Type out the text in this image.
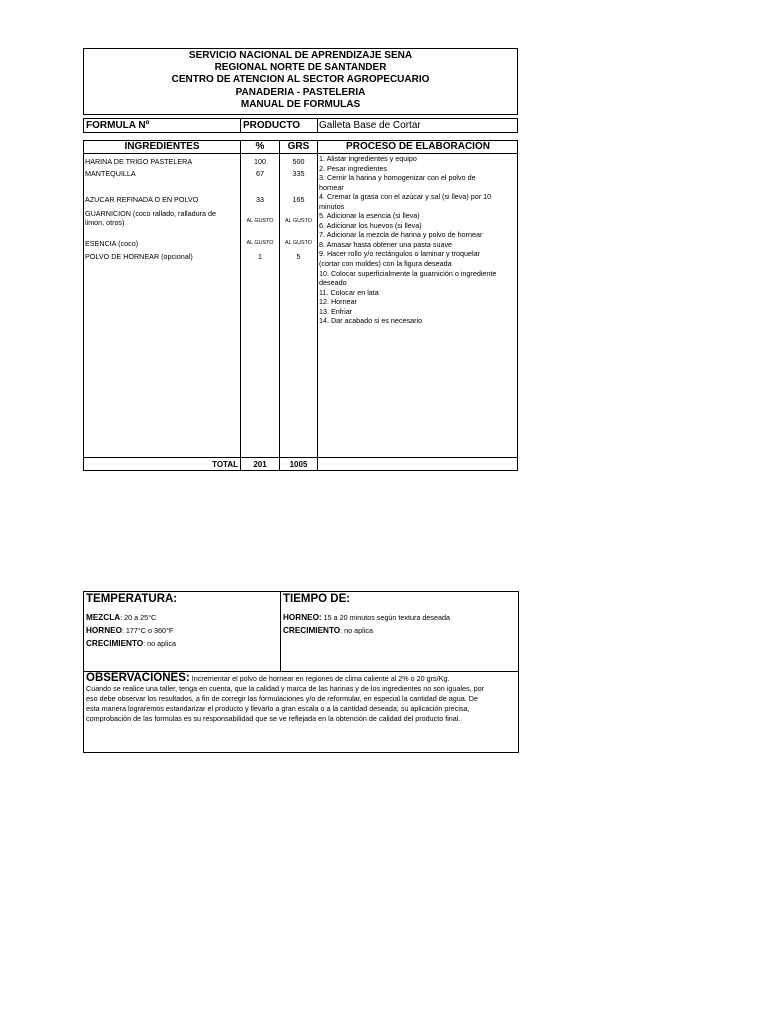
SERVICIO NACIONAL DE APRENDIZAJE SENA
REGIONAL NORTE DE SANTANDER
CENTRO DE ATENCION AL SECTOR AGROPECUARIO
PANADERIA - PASTELERIA
MANUAL DE FORMULAS
FORMULA Nº	PRODUCTO Galleta Base de Cortar
INGREDIENTES	%	GRS	PROCESO DE ELABORACION
HARINA DE TRIGO PASTELERA	100	500
MANTEQUILLA	67	335
AZUCAR REFINADA O EN POLVO	33	165
GUARNICION (coco rallado, ralladura de limon, otros)	AL GUSTO	AL GUSTO
ESENCIA (coco)	AL GUSTO	AL GUSTO
POLVO DE HORNEAR (opcional)	1	5
1. Alistar ingredientes y equipo
2. Pesar ingredientes
3. Cernir la harina y homogenizar con el polvo de
hornear
4. Cremar la grasa con el azúcar y sal (si lleva) por 10
minutos
5. Adicionar la esencia (si lleva)
6. Adicionar los huevos (si lleva)
7. Adicionar la mezcla de harina y polvo de hornear
8. Amasar hasta obtener una pasta suave
9. Hacer rollo y/o rectángulos o laminar y troquelar
(cortar con moldes) con la figura deseada
10. Colocar superficialmente la guarnición o ingrediente
deseado
11. Colocar en lata
12. Hornear
13. Enfriar
14. Dar acabado si es necesario
TOTAL	201	1005
TEMPERATURA:
MEZCLA: 20 a 25°C
HORNEO: 177°C o 360°F
CRECIMIENTO: no aplica
TIEMPO DE:
HORNEO: 15 a 20 minutos según textura deseada
CRECIMIENTO: no aplica
OBSERVACIONES: Incrementar el polvo de hornear en regiones de clima caliente al 2% o 20 grs/Kg.
Cuando se realice una taller, tenga en cuenta, que la calidad y marca de las harinas y de los ingredientes no son iguales, por
eso debe observar los resultados, a fin de corregir las formulaciones y/o de reformular, en especial la cantidad de agua. De
esta manera lograremos estandarizar el producto y llevarlo a gran escala o a la cantidad deseada; su aplicación precisa,
comprobación de las formulas es su responsabilidad que se ve reflejada en la obtención de calidad del producto final.
